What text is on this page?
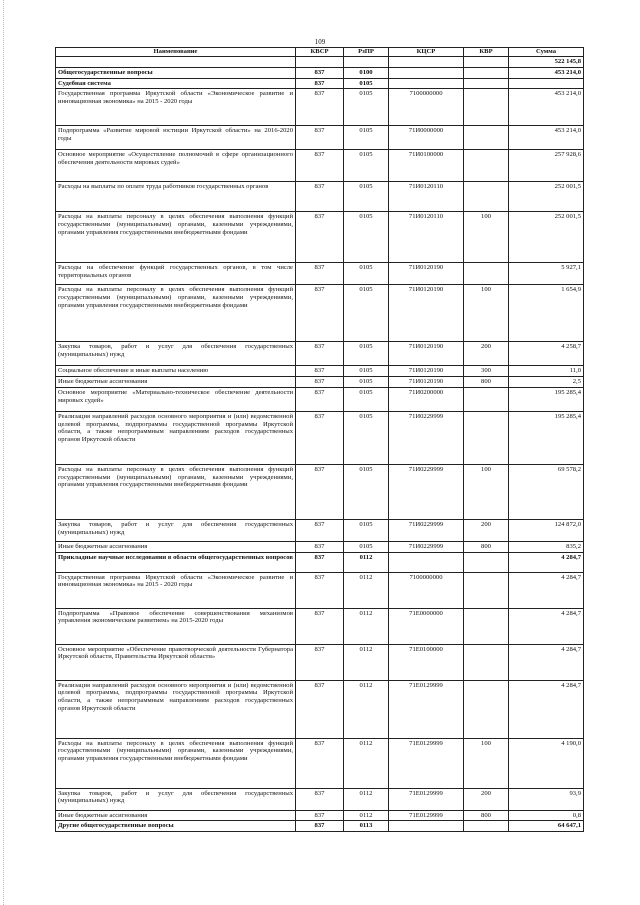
109
Наименование	КВСР	РзПР	КЦСР	КВР	Сумма
					522 145,8
Общегосударственные вопросы	837	0100			453 214,0
Судебная система	837	0105			
Государственная программа Иркутской области «Экономическое развитие и инновационная экономика» на 2015 - 2020 годы	837	0105	7100000000		453 214,0
Подпрограмма «Развитие мировой юстиции Иркутской области» на 2016-2020 годы	837	0105	71И0000000		453 214,0
Основное мероприятие «Осуществление полномочий в сфере организационного обеспечения деятельности мировых судей»	837	0105	71И0100000		257 928,6
Расходы на выплаты по оплате труда работников государственных органов	837	0105	71И0120110		252 001,5
Расходы на выплаты персоналу в целях обеспечения выполнения функций государственными (муниципальными) органами, казенными учреждениями, органами управления государственными внебюджетными фондами	837	0105	71И0120110	100	252 001,5
Расходы на обеспечение функций государственных органов, в том числе территориальных органов	837	0105	71И0120190		5 927,1
Расходы на выплаты персоналу в целях обеспечения выполнения функций государственными (муниципальными) органами, казенными учреждениями, органами управления государственными внебюджетными фондами	837	0105	71И0120190	100	1 654,9
Закупка товаров, работ и услуг для обеспечения государственных (муниципальных) нужд	837	0105	71И0120190	200	4 258,7
Социальное обеспечение и иные выплаты населению	837	0105	71И0120190	300	11,0
Иные бюджетные ассигнования	837	0105	71И0120190	800	2,5
Основное мероприятие «Материально-техническое обеспечение деятельности мировых судей»	837	0105	71И0200000		195 285,4
Реализация направлений расходов основного мероприятия и (или) ведомственной целевой программы, подпрограммы государственной программы Иркутской области, а также непрограммным направлениям расходов государственных органов Иркутской области	837	0105	71И0229999		195 285,4
Расходы на выплаты персоналу в целях обеспечения выполнения функций государственными (муниципальными) органами, казенными учреждениями, органами управления государственными внебюджетными фондами	837	0105	71И0229999	100	69 578,2
Закупка товаров, работ и услуг для обеспечения государственных (муниципальных) нужд	837	0105	71И0229999	200	124 872,0
Иные бюджетные ассигнования	837	0105	71И0229999	800	835,2
Прикладные научные исследования в области общегосударственных вопросов	837	0112			4 284,7
Государственная программа Иркутской области «Экономическое развитие и инновационная экономика» на 2015 - 2020 годы	837	0112	7100000000		4 284,7
Подпрограмма «Правовое обеспечение совершенствования механизмов управления экономическим развитием» на 2015-2020 годы	837	0112	71Е0000000		4 284,7
Основное мероприятие «Обеспечение правотворческой деятельности Губернатора Иркутской области, Правительства Иркутской области»	837	0112	71Е0100000		4 284,7
Реализация направлений расходов основного мероприятия и (или) ведомственной целевой программы, подпрограммы государственной программы Иркутской области, а также непрограммным направлениям расходов государственных органов Иркутской области	837	0112	71Е0129999		4 284,7
Расходы на выплаты персоналу в целях обеспечения выполнения функций государственными (муниципальными) органами, казенными учреждениями, органами управления государственными внебюджетными фондами	837	0112	71Е0129999	100	4 190,0
Закупка товаров, работ и услуг для обеспечения государственных (муниципальных) нужд	837	0112	71Е0129999	200	93,9
Иные бюджетные ассигнования	837	0112	71Е0129999	800	0,8
Другие общегосударственные вопросы	837	0113			64 647,1
